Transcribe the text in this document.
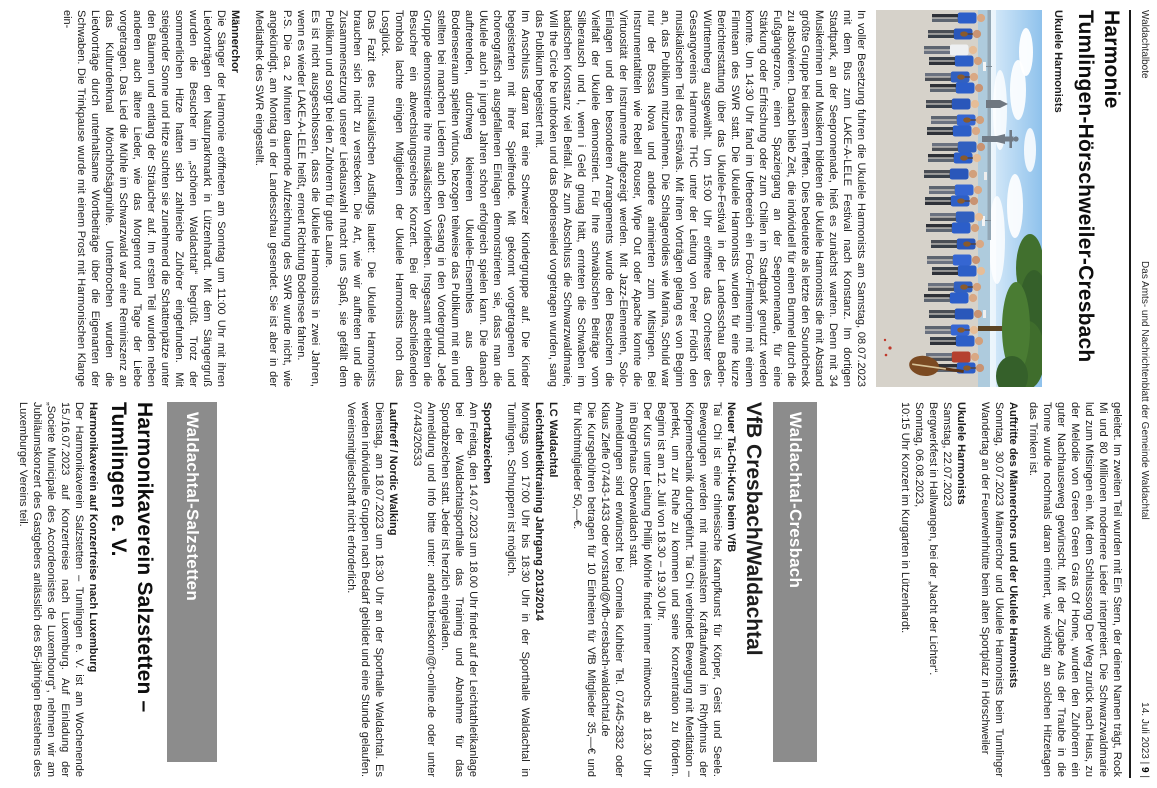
Waldachtalbote
Das Amts- und Nachrichtenblatt der Gemeinde Waldachtal
14. Juli 2023 | 9 |
Harmonie
Tumlingen-Hörschweiler-Cresbach
Ukulele Harmonists

In voller Besetzung fuhren die Ukulele Harmonists am Samstag, 08.07.2023 mit dem Bus zum LAKE-A-LELE Festival nach Konstanz. Im dortigen Stadtpark, an der Seepromenade, hieß es zunächst warten. Denn mit 34 Musikerinnen und Musikern bildeten die Ukulele Harmonists die mit Abstand größte Gruppe bei diesem Treffen. Dies bedeutete als letzte den Soundcheck zu absolvieren. Danach blieb Zeit, die individuell für einen Bummel durch die Fußgängerzone, einen Spaziergang an der Seepromenade, für eine Stärkung oder Erfrischung oder zum Chillen im Stadtpark genutzt werden konnte. Um 14:30 Uhr fand im Uferbereich ein Foto-/Filmtermin mit einem Filmteam des SWR statt. Die Ukulele Harmonists wurden für eine kurze Berichterstattung über das Ukulele-Festival in der Landesschau Baden-Württemberg ausgewählt. Um 15:00 Uhr eröffnete das Orchester des Gesangvereins Harmonie THC unter der Leitung von Peter Frölich den musikalischen Teil des Festivals. Mit ihren Vorträgen gelang es von Beginn an, das Publikum mitzunehmen. Die Schlageroldies wie Marina, Schuld war nur der Bossa Nova und andere animierten zum Mitsingen. Bei Instrumentaltiteln wie Rebell Rouser, Wipe Out oder Apache konnte die Virtuosität der Instrumente aufgezeigt werden. Mit Jazz-Elementen, Solo-Einlagen und den besonderen Arrangements wurde den Besuchern die Vielfalt der Ukulele demonstriert. Für Ihre schwäbischen Beiträge vom Silberausch und I, wenn i Geld gnuag hätt, ernteten die Schwaben im badischen Konstanz viel Beifall. Als zum Abschluss die Schwarzwaldmarie, Will the Circle be unbroken und das Bodenseelied vorgetragen wurden, sang das Publikum begeistert mit.

Im Anschluss daran trat eine Schweizer Kindergruppe auf. Die Kinder begeisterten mit ihrer Spielfreude. Mit gekonnt vorgetragenen und choreografisch ausgefallenen Einlagen demonstrierten sie, dass man die Ukulele auch in jungen Jahren schon erfolgreich spielen kann. Die danach auftretenden, durchweg kleineren Ukulele-Ensembles aus dem Bodenseeraum spielten virtuos, bezogen teilweise das Publikum mit ein und stellten bei manchen Liedern auch den Gesang in den Vordergrund. Jede Gruppe demonstrierte ihre musikalischen Vorlieben. Insgesamt erlebten die Besucher ein abwechslungsreiches Konzert. Bei der abschließenden Tombola lachte einigen Mitgliedern der Ukulele Harmonists noch das Losglück.

Das Fazit des musikalischen Ausflugs lautet: Die Ukulele Harmonists brauchen sich nicht zu verstecken. Die Art, wie wir auftreten und die Zusammensetzung unserer Liedauswahl macht uns Spaß, sie gefällt dem Publikum und sorgt bei den Zuhörern für gute Laune.

Es ist nicht ausgeschlossen, dass die Ukulele Harmonists in zwei Jahren, wenn es wieder LAKE-A-LELE heißt, erneut Richtung Bodensee fahren.

P.S. Die ca. 2 Minuten dauernde Aufzeichnung des SWR wurde nicht, wie angekündigt, am Montag in der Landesschau gesendet. Sie ist aber in der Mediathek des SWR eingestellt.

Männerchor

Die Sänger der Harmonie eröffneten am Sonntag um 11:00 Uhr mit ihren Liedvorträgen den Naturparkmarkt in Lützenhardt. Mit dem Sängergruß wurden die Besucher im „schönen Waldachtal“ begrüßt. Trotz der sommerlichen Hitze hatten sich zahlreiche Zuhörer eingefunden. Mit steigender Sonne und Hitze suchten sie zunehmend die Schattenpätze unter den Bäumen und entlang der Sträucher auf. Im ersten Teil wurden neben anderen auch ältere Lieder, wie das Morgenrot und Tage der Liebe vorgetragen. Das Lied die Mühle im Schwarzwald war eine Reminiszenz an das Kulturdenkmal Mönchhofsägmühle. Unterbrochen wurden die Liedvorträge durch unterhaltsame Wortbeiträge über die Eigenarten der Schwaben. Die Trinkpause wurde mit einem Prost mit Harmonischen Klange ein-

geleitet. Im zweiten Teil wurden mit Ein Stern, der deinen Namen trägt, Rock Mi und 80 Millionen modernere Lieder interpretiert. Die Schwarzwaldmarie lud zum Mitsingen ein. Mit dem Schlusssong Der Weg zurück nach Haus, zu der Melodie von Green Green Gras Of Home, wurden den Zuhörern ein guter Nachhauseweg gewünscht. Mit der Zugabe Aus der Traube in die Tonne wurde nochmals daran erinnert, wie wichtig an solchen Hitzetagen das Trinken ist.

Auftritte des Männerchors und der Ukulele Harmonists

Sonntag, 30.07.2023 Männerchor und Ukulele Harmonists beim Tumlinger Wandertag an der Feuerwehrhütte beim alten Sportplatz in Hörschweiler

Ukulele Harmonists
Samstag, 22.07.2023
Bergwerkfest in Hallwangen, bei der „Nacht der Lichter“.
Sonntag, 06.08.2023,
10:15 Uhr Konzert im Kurgarten in Lützenhardt.
Waldachtal-Cresbach
VfB Cresbach/Waldachtal
Neuer Tai-Chi-Kurs beim VfB

Tai Chi ist eine chinesische Kampfkunst für Körper, Geist und Seele. Bewegungen werden mit minimalstem Kraftaufwand im Rhythmus der Körpermechanik durchgeführt. Tai Chi verbindet Bewegung mit Meditation – perfekt, um zur Ruhe zu kommen und seine Konzentration zu fördern. Beginn ist am 12. Juli von 18.30 – 19.30 Uhr.

Der Kurs unter Leitung Phillip Möhrle findet immer mittwochs ab 18.30 Uhr im Bürgerhaus Oberwaldach statt.

Anmeldungen sind erwünscht bei Cornelia Kuhbier Tel. 07445-2832 oder Klaus Ziefle 07443-1433 oder vorstand@vfb-cresbach-waldachtal.de

Die Kursgebühren betragen für 10 Einheiten für VfB Mitglieder 35,—€ und für Nichtmitglieder 50,—€.

LC Waldachtal
Leichtathletiktraining Jahrgang 2013/2014

Montags von 17:00 Uhr bis 18:30 Uhr in der Sporthalle Waldachtal in Tumlingen. Schnuppern ist möglich.

Sportabzeichen

Am Freitag, den 14.07.2023 um 18.00 Uhr findet auf der Leichtathletikanlage bei der Waldachtalsporthalle das Training und Abnahme für das Sportabzeichen statt. Jeder ist herzlich eingeladen.

Anmeldung und Info bitte unter: andrea.brieskorn@t-online.de oder unter 07443/20533

Lauftreff / Nordic Walking

Dienstag, am 18.07.2023 um 18:30 Uhr an der Sporthalle Waldachtal. Es werden individuelle Gruppen nach Bedarf gebildet und eine Stunde gelaufen. Vereinsmitgliedschaft nicht erforderlich.

Waldachtal-Salzstetten
Harmonikaverein Salzstetten –
Tumlingen e. V.
Harmonikaverein auf Konzertreise nach Luxemburg

Der Harmonikaverein Salzstetten – Tumlingen e. V. ist am Wochenende 15./16.07.2023 auf Konzertreise nach Luxemburg. Auf Einladung der „Societe Municipale des Accordeonistes de Luxembourg“, nehmen wir am Jubiläumskonzert des Gastgebers anlässlich des 85-jährigen Bestehens des Luxemburger Vereins teil.
